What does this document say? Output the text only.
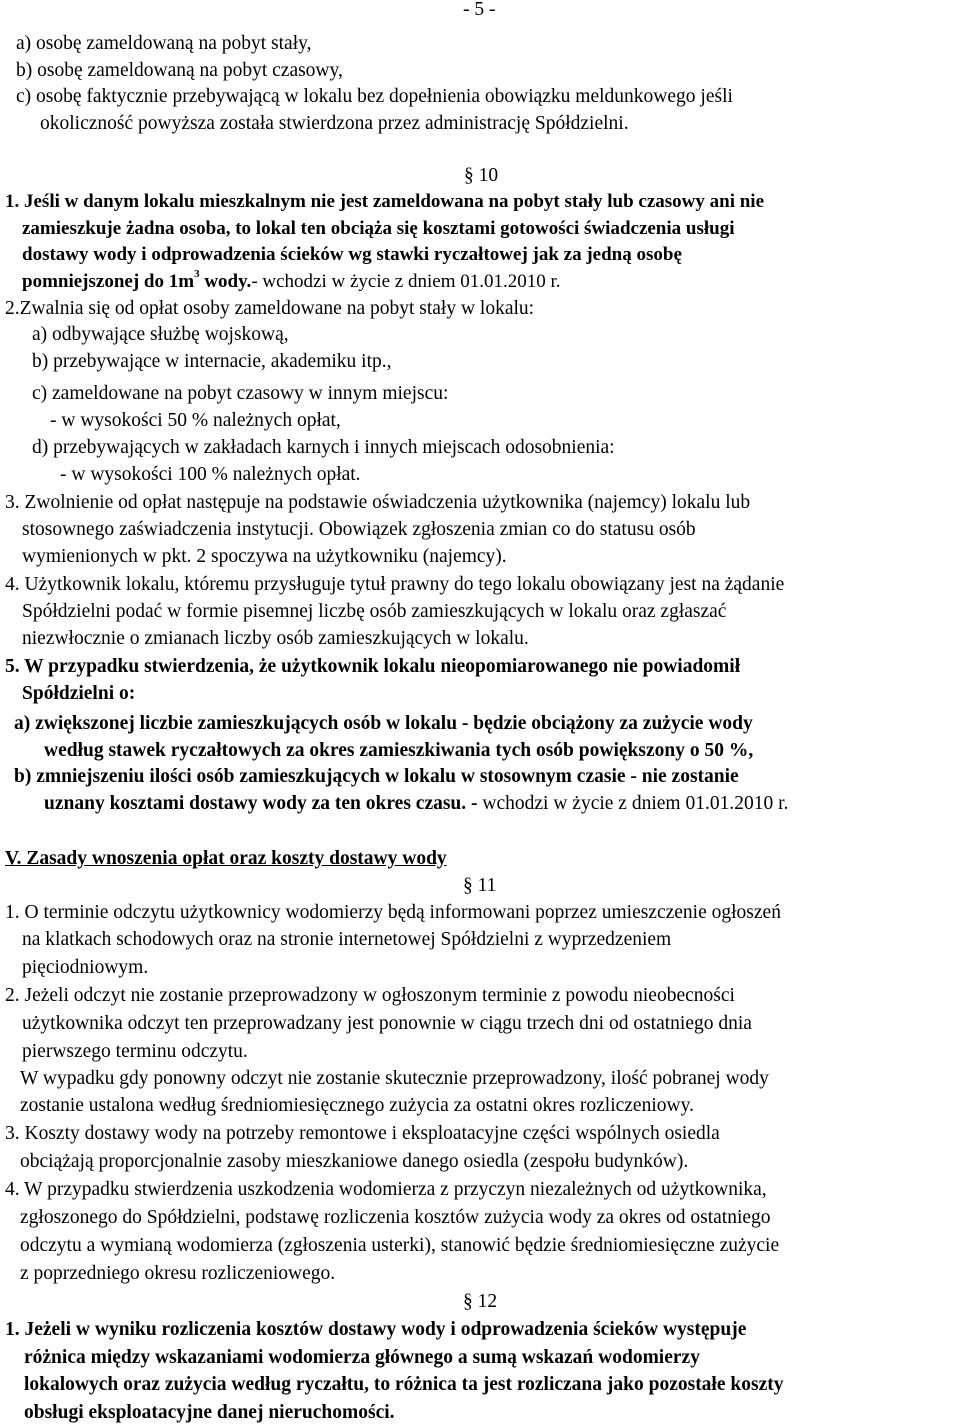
- 5 -
a) osobę zameldowaną na pobyt stały,
b) osobę zameldowaną na pobyt czasowy,
c) osobę faktycznie przebywającą w lokalu bez dopełnienia obowiązku meldunkowego jeśli
okoliczność powyższa została stwierdzona przez administrację Spółdzielni.
§ 10
1. Jeśli w danym lokalu mieszkalnym nie jest zameldowana na pobyt stały lub czasowy ani nie
zamieszkuje żadna osoba, to lokal ten obciąża się kosztami gotowości świadczenia usługi
dostawy wody i odprowadzenia ścieków wg stawki ryczałtowej jak za jedną osobę
pomniejszonej do $1m^3$ wody.- wchodzi w życie z dniem 01.01.2010 r.
2.Zwalnia się od opłat osoby zameldowane na pobyt stały w lokalu:
a) odbywające służbę wojskową,
b) przebywające w internacie, akademiku itp.,
c) zameldowane na pobyt czasowy w innym miejscu:
- w wysokości 50 % należnych opłat,
d) przebywających w zakładach karnych i innych miejscach odosobnienia:
- w wysokości 100 % należnych opłat.
3. Zwolnienie od opłat następuje na podstawie oświadczenia użytkownika (najemcy) lokalu lub
stosownego zaświadczenia instytucji. Obowiązek zgłoszenia zmian co do statusu osób
wymienionych w pkt. 2 spoczywa na użytkowniku (najemcy).
4. Użytkownik lokalu, któremu przysługuje tytuł prawny do tego lokalu obowiązany jest na żądanie
Spółdzielni podać w formie pisemnej liczbę osób zamieszkujących w lokalu oraz zgłaszać
niezwłocznie o zmianach liczby osób zamieszkujących w lokalu.
5. W przypadku stwierdzenia, że użytkownik lokalu nieopomiarowanego nie powiadomił
Spółdzielni o:
a) zwiększonej liczbie zamieszkujących osób w lokalu - będzie obciążony za zużycie wody
według stawek ryczałtowych za okres zamieszkiwania tych osób powiększony o 50 %,
b) zmniejszeniu ilości osób zamieszkujących w lokalu w stosownym czasie - nie zostanie
uznany kosztami dostawy wody za ten okres czasu. - wchodzi w życie z dniem 01.01.2010 r.
V. Zasady wnoszenia opłat oraz koszty dostawy wody
§ 11
1. O terminie odczytu użytkownicy wodomierzy będą informowani poprzez umieszczenie ogłoszeń
na klatkach schodowych oraz na stronie internetowej Spółdzielni z wyprzedzeniem
pięciodniowym.
2. Jeżeli odczyt nie zostanie przeprowadzony w ogłoszonym terminie z powodu nieobecności
użytkownika odczyt ten przeprowadzany jest ponownie w ciągu trzech dni od ostatniego dnia
pierwszego terminu odczytu.
W wypadku gdy ponowny odczyt nie zostanie skutecznie przeprowadzony, ilość pobranej wody
zostanie ustalona według średniomiesięcznego zużycia za ostatni okres rozliczeniowy.
3. Koszty dostawy wody na potrzeby remontowe i eksploatacyjne części wspólnych osiedla
obciążają proporcjonalnie zasoby mieszkaniowe danego osiedla (zespołu budynków).
4. W przypadku stwierdzenia uszkodzenia wodomierza z przyczyn niezależnych od użytkownika,
zgłoszonego do Spółdzielni, podstawę rozliczenia kosztów zużycia wody za okres od ostatniego
odczytu a wymianą wodomierza (zgłoszenia usterki), stanowić będzie średniomiesięczne zużycie
z poprzedniego okresu rozliczeniowego.
§ 12
1. Jeżeli w wyniku rozliczenia kosztów dostawy wody i odprowadzenia ścieków występuje
różnica między wskazaniami wodomierza głównego a sumą wskazań wodomierzy
lokalowych oraz zużycia według ryczałtu, to różnica ta jest rozliczana jako pozostałe koszty
obsługi eksploatacyjne danej nieruchomości.
